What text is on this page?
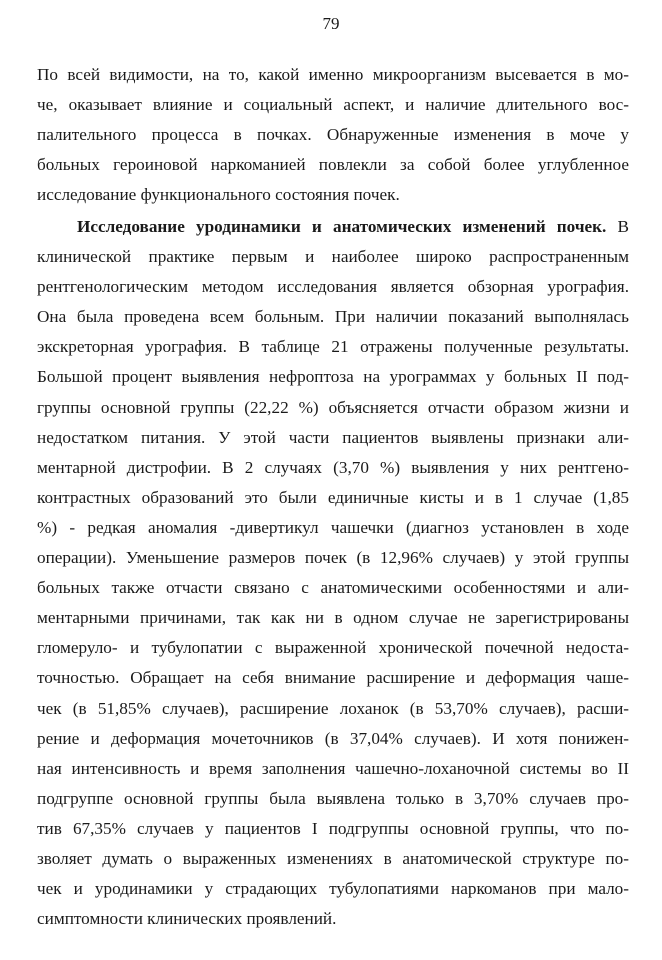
79
По всей видимости, на то, какой именно микроорганизм высевается в мо-
че, оказывает влияние и социальный аспект, и наличие длительного вос-
палительного процесса в почках. Обнаруженные изменения в моче у
больных героиновой наркоманией повлекли за собой более углубленное
исследование функционального состояния почек.
Исследование уродинамики и анатомических изменений почек. В
клинической практике первым и наиболее широко распространенным
рентгенологическим методом исследования является обзорная урография.
Она была проведена всем больным. При наличии показаний выполнялась
экскреторная урография. В таблице 21 отражены полученные результаты.
Большой процент выявления нефроптоза на урограммах у больных II под-
группы основной группы (22,22 %) объясняется отчасти образом жизни и
недостатком питания. У этой части пациентов выявлены признаки али-
ментарной дистрофии. В 2 случаях (3,70 %) выявления у них рентгено-
контрастных образований это были единичные кисты и в 1 случае (1,85
%) - редкая аномалия -дивертикул чашечки (диагноз установлен в ходе
операции). Уменьшение размеров почек (в 12,96% случаев) у этой группы
больных также отчасти связано с анатомическими особенностями и али-
ментарными причинами, так как ни в одном случае не зарегистрированы
гломеруло- и тубулопатии с выраженной хронической почечной недоста-
точностью. Обращает на себя внимание расширение и деформация чаше-
чек (в 51,85% случаев), расширение лоханок (в 53,70% случаев), расши-
рение и деформация мочеточников (в 37,04% случаев). И хотя понижен-
ная интенсивность и время заполнения чашечно-лоханочной системы во II
подгруппе основной группы была выявлена только в 3,70% случаев про-
тив 67,35% случаев у пациентов I подгруппы основной группы, что по-
зволяет думать о выраженных изменениях в анатомической структуре по-
чек и уродинамики у страдающих тубулопатиями наркоманов при мало-
симптомности клинических проявлений.
